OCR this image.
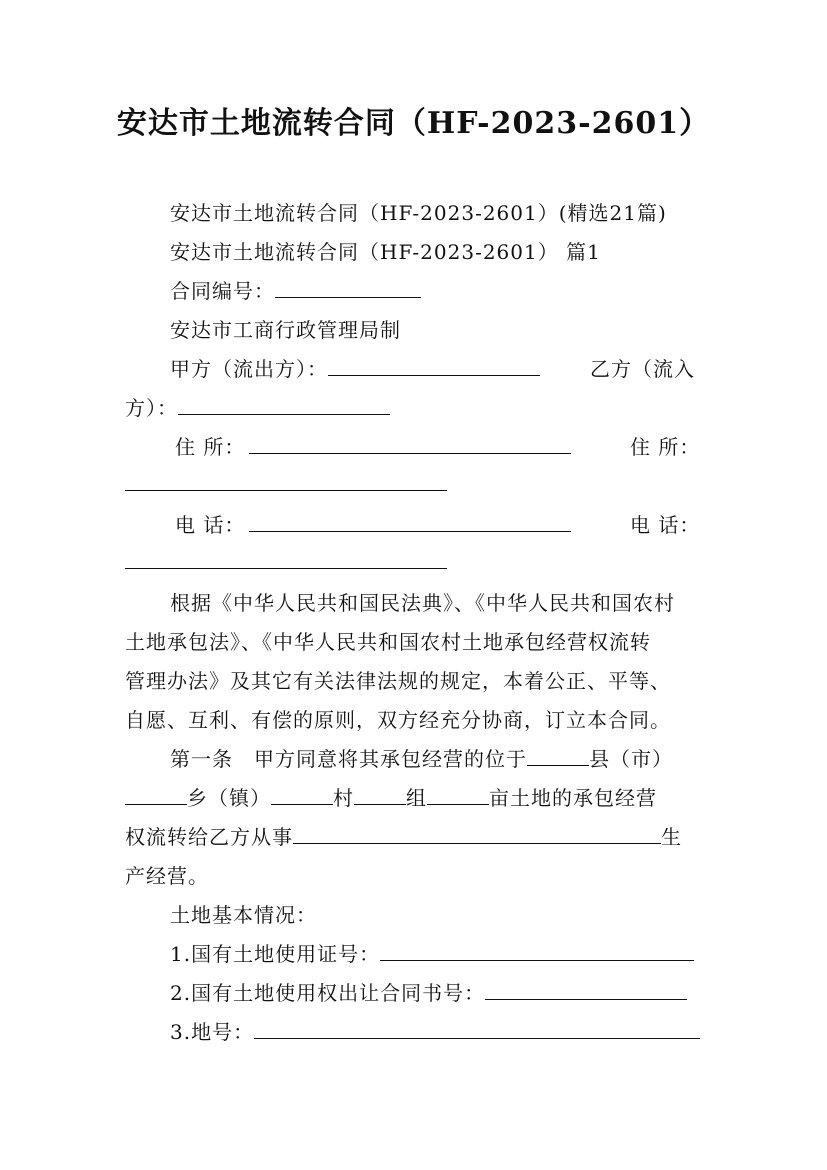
安达市土地流转合同（HF-2023-2601）
安达市土地流转合同（HF-2023-2601）(精选21篇)
安达市土地流转合同（HF-2023-2601） 篇1
合同编号：
安达市工商行政管理局制
甲方（流出方）：	乙方（流入
方）：
住 所：	住 所：
电 话：	电 话：
根据《中华人民共和国民法典》、《中华人民共和国农村
土地承包法》、《中华人民共和国农村土地承包经营权流转
管理办法》及其它有关法律法规的规定，本着公正、平等、
自愿、互利、有偿的原则，双方经充分协商，订立本合同。
第一条　甲方同意将其承包经营的位于	县（市）
乡（镇）	村	组	亩土地的承包经营
权流转给乙方从事	生
产经营。
土地基本情况：
1.国有土地使用证号：
2.国有土地使用权出让合同书号：
3.地号：
